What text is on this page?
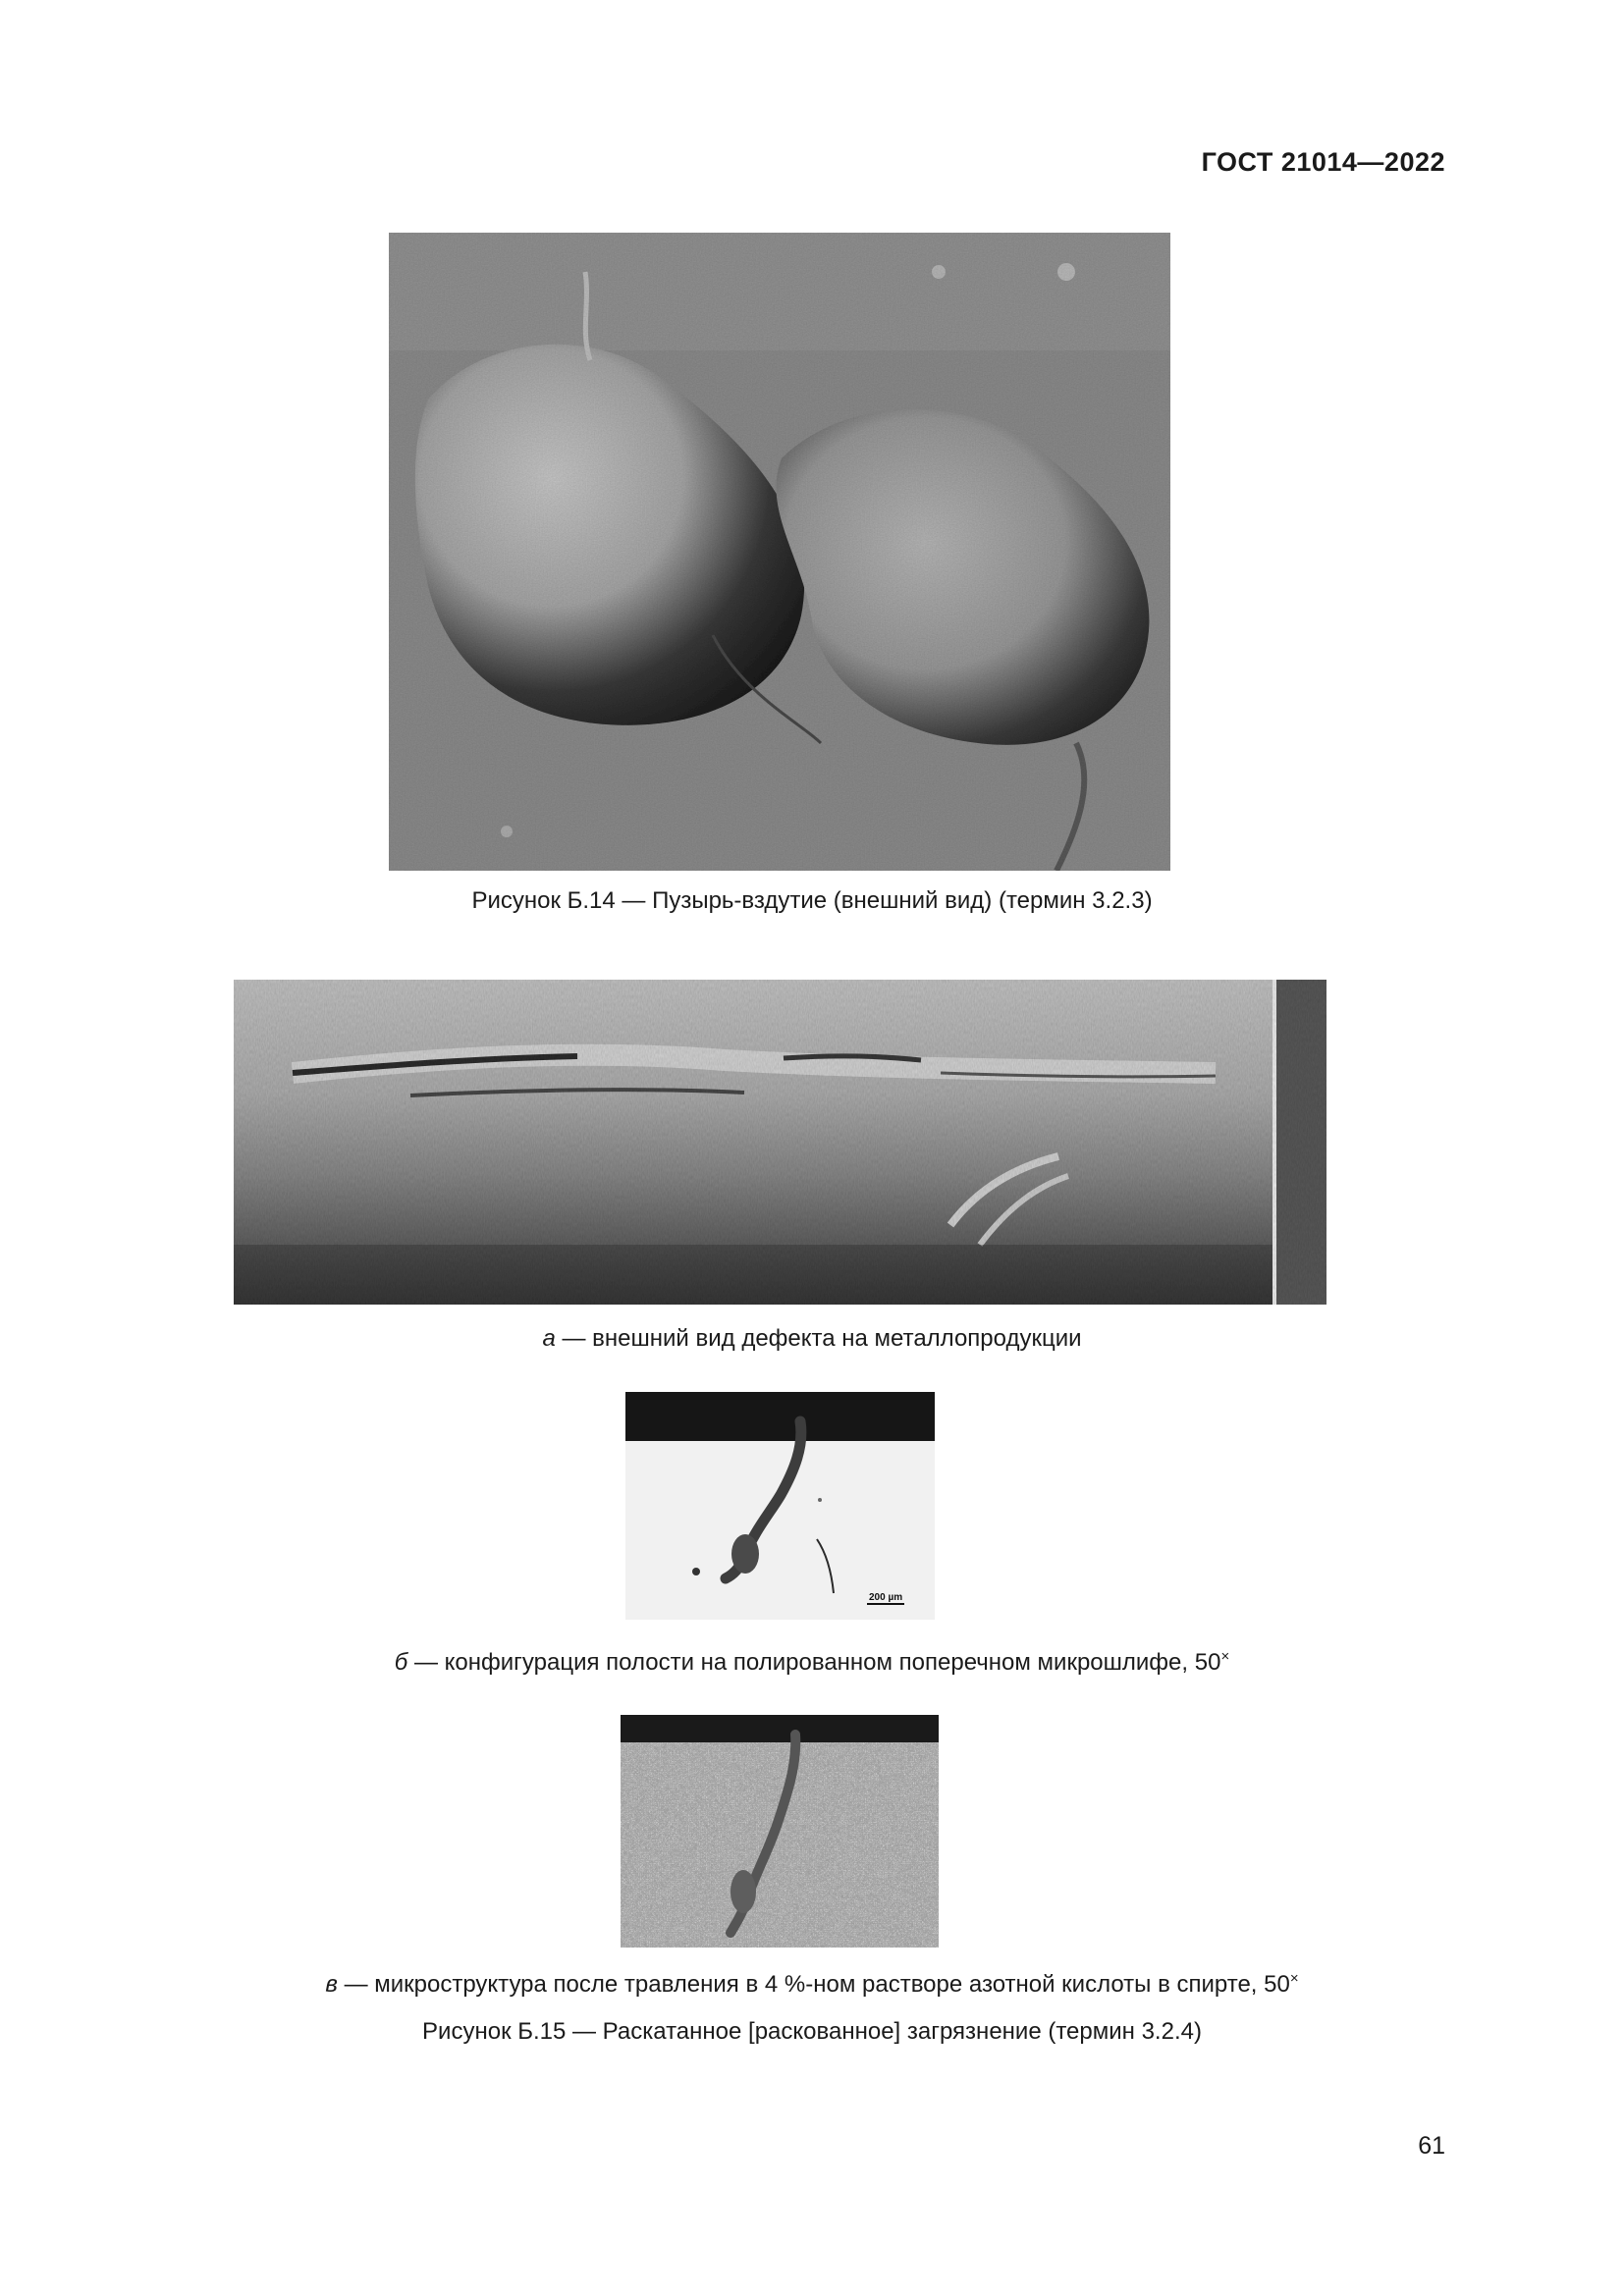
ГОСТ 21014—2022
Рисунок Б.14 — Пузырь-вздутие (внешний вид) (термин 3.2.3)
а — внешний вид дефекта на металлопродукции
200 µm
б — конфигурация полости на полированном поперечном микрошлифе, 50×
в — микроструктура после травления в 4 %-ном растворе азотной кислоты в спирте, 50×
Рисунок Б.15 — Раскатанное [раскованное] загрязнение (термин 3.2.4)
61
